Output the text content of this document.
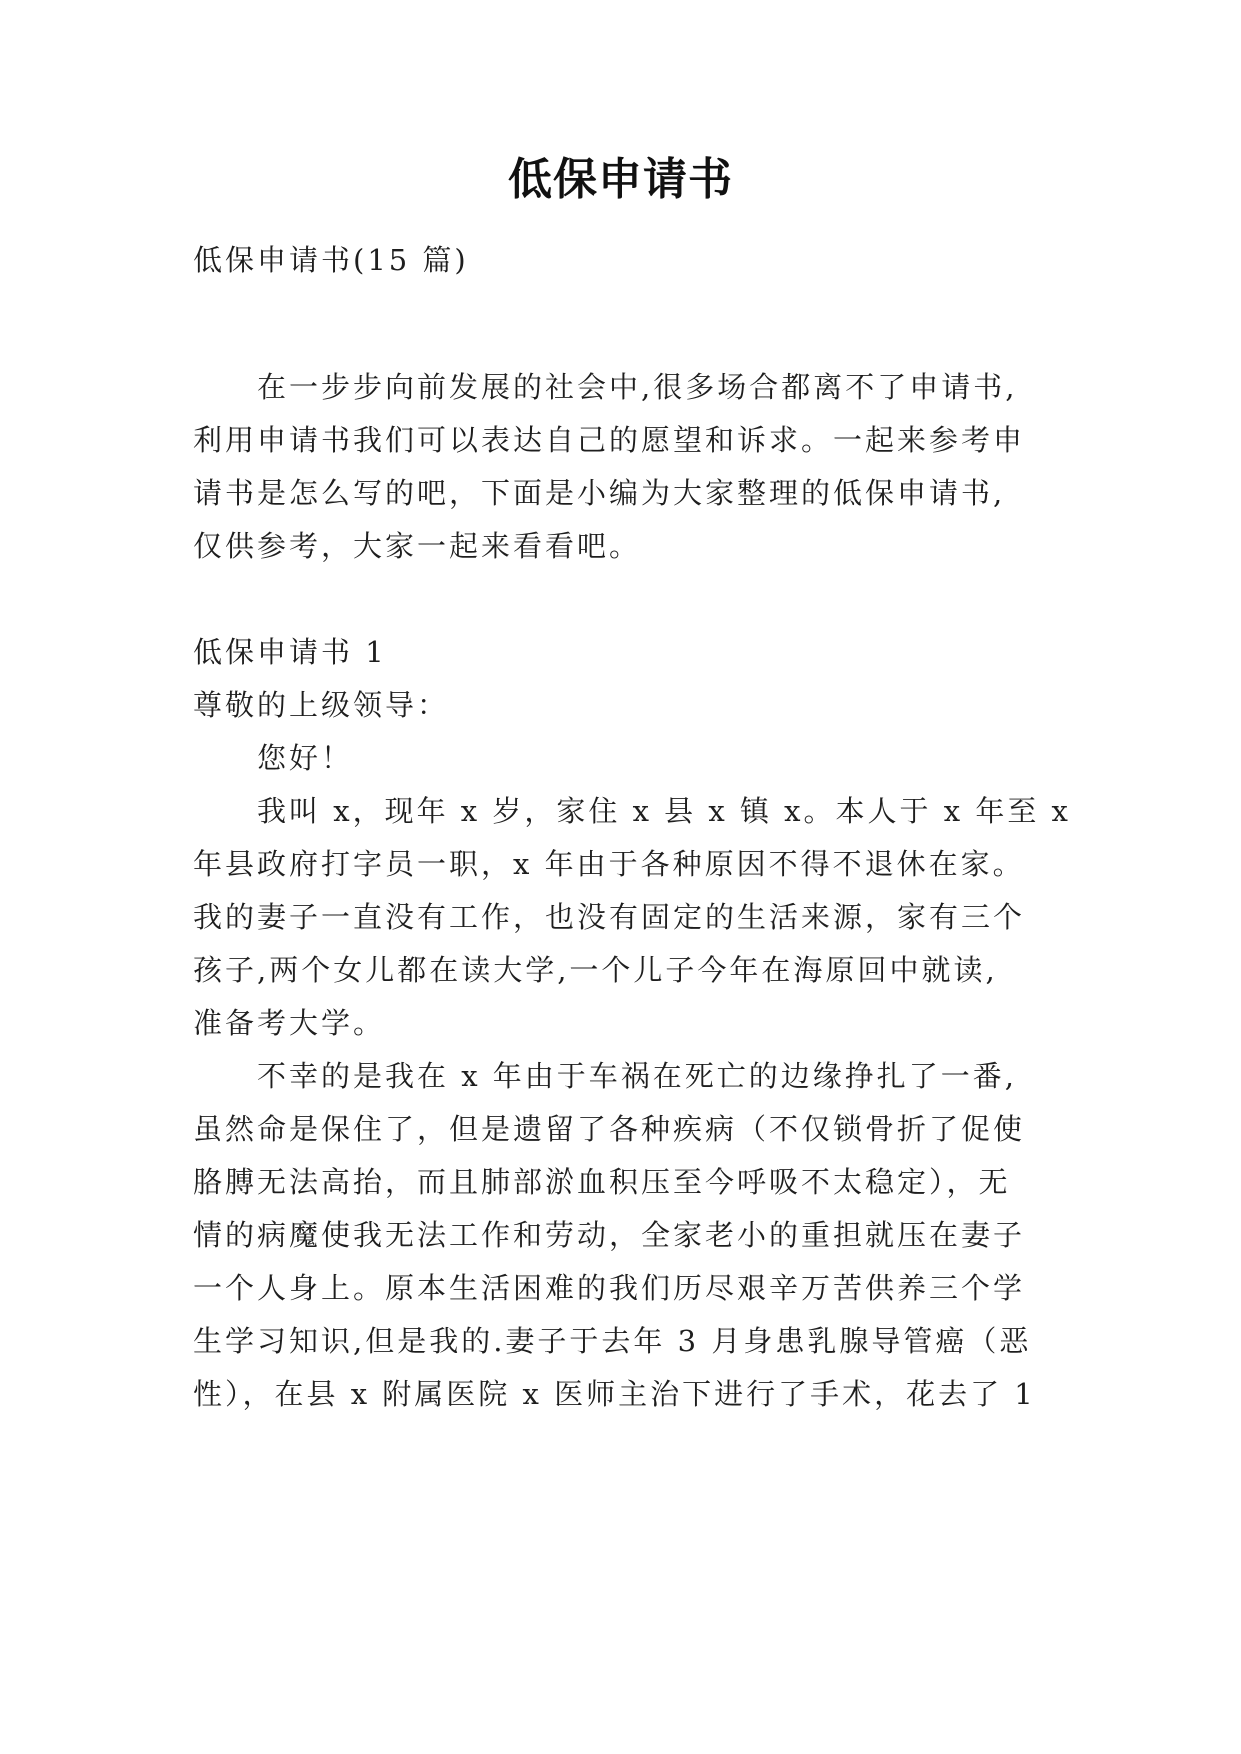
低保申请书
低保申请书(15 篇)
在一步步向前发展的社会中,很多场合都离不了申请书,
利用申请书我们可以表达自己的愿望和诉求。一起来参考申
请书是怎么写的吧，下面是小编为大家整理的低保申请书,
仅供参考，大家一起来看看吧。
低保申请书 1
尊敬的上级领导：
您好！
我叫 x，现年 x 岁，家住 x 县 x 镇 x。本人于 x 年至 x
年县政府打字员一职，x 年由于各种原因不得不退休在家。
我的妻子一直没有工作，也没有固定的生活来源，家有三个
孩子,两个女儿都在读大学,一个儿子今年在海原回中就读,
准备考大学。
不幸的是我在 x 年由于车祸在死亡的边缘挣扎了一番,
虽然命是保住了，但是遗留了各种疾病（不仅锁骨折了促使
胳膊无法高抬，而且肺部淤血积压至今呼吸不太稳定），无
情的病魔使我无法工作和劳动，全家老小的重担就压在妻子
一个人身上。原本生活困难的我们历尽艰辛万苦供养三个学
生学习知识,但是我的.妻子于去年 3 月身患乳腺导管癌（恶
性），在县 x 附属医院 x 医师主治下进行了手术，花去了 1
